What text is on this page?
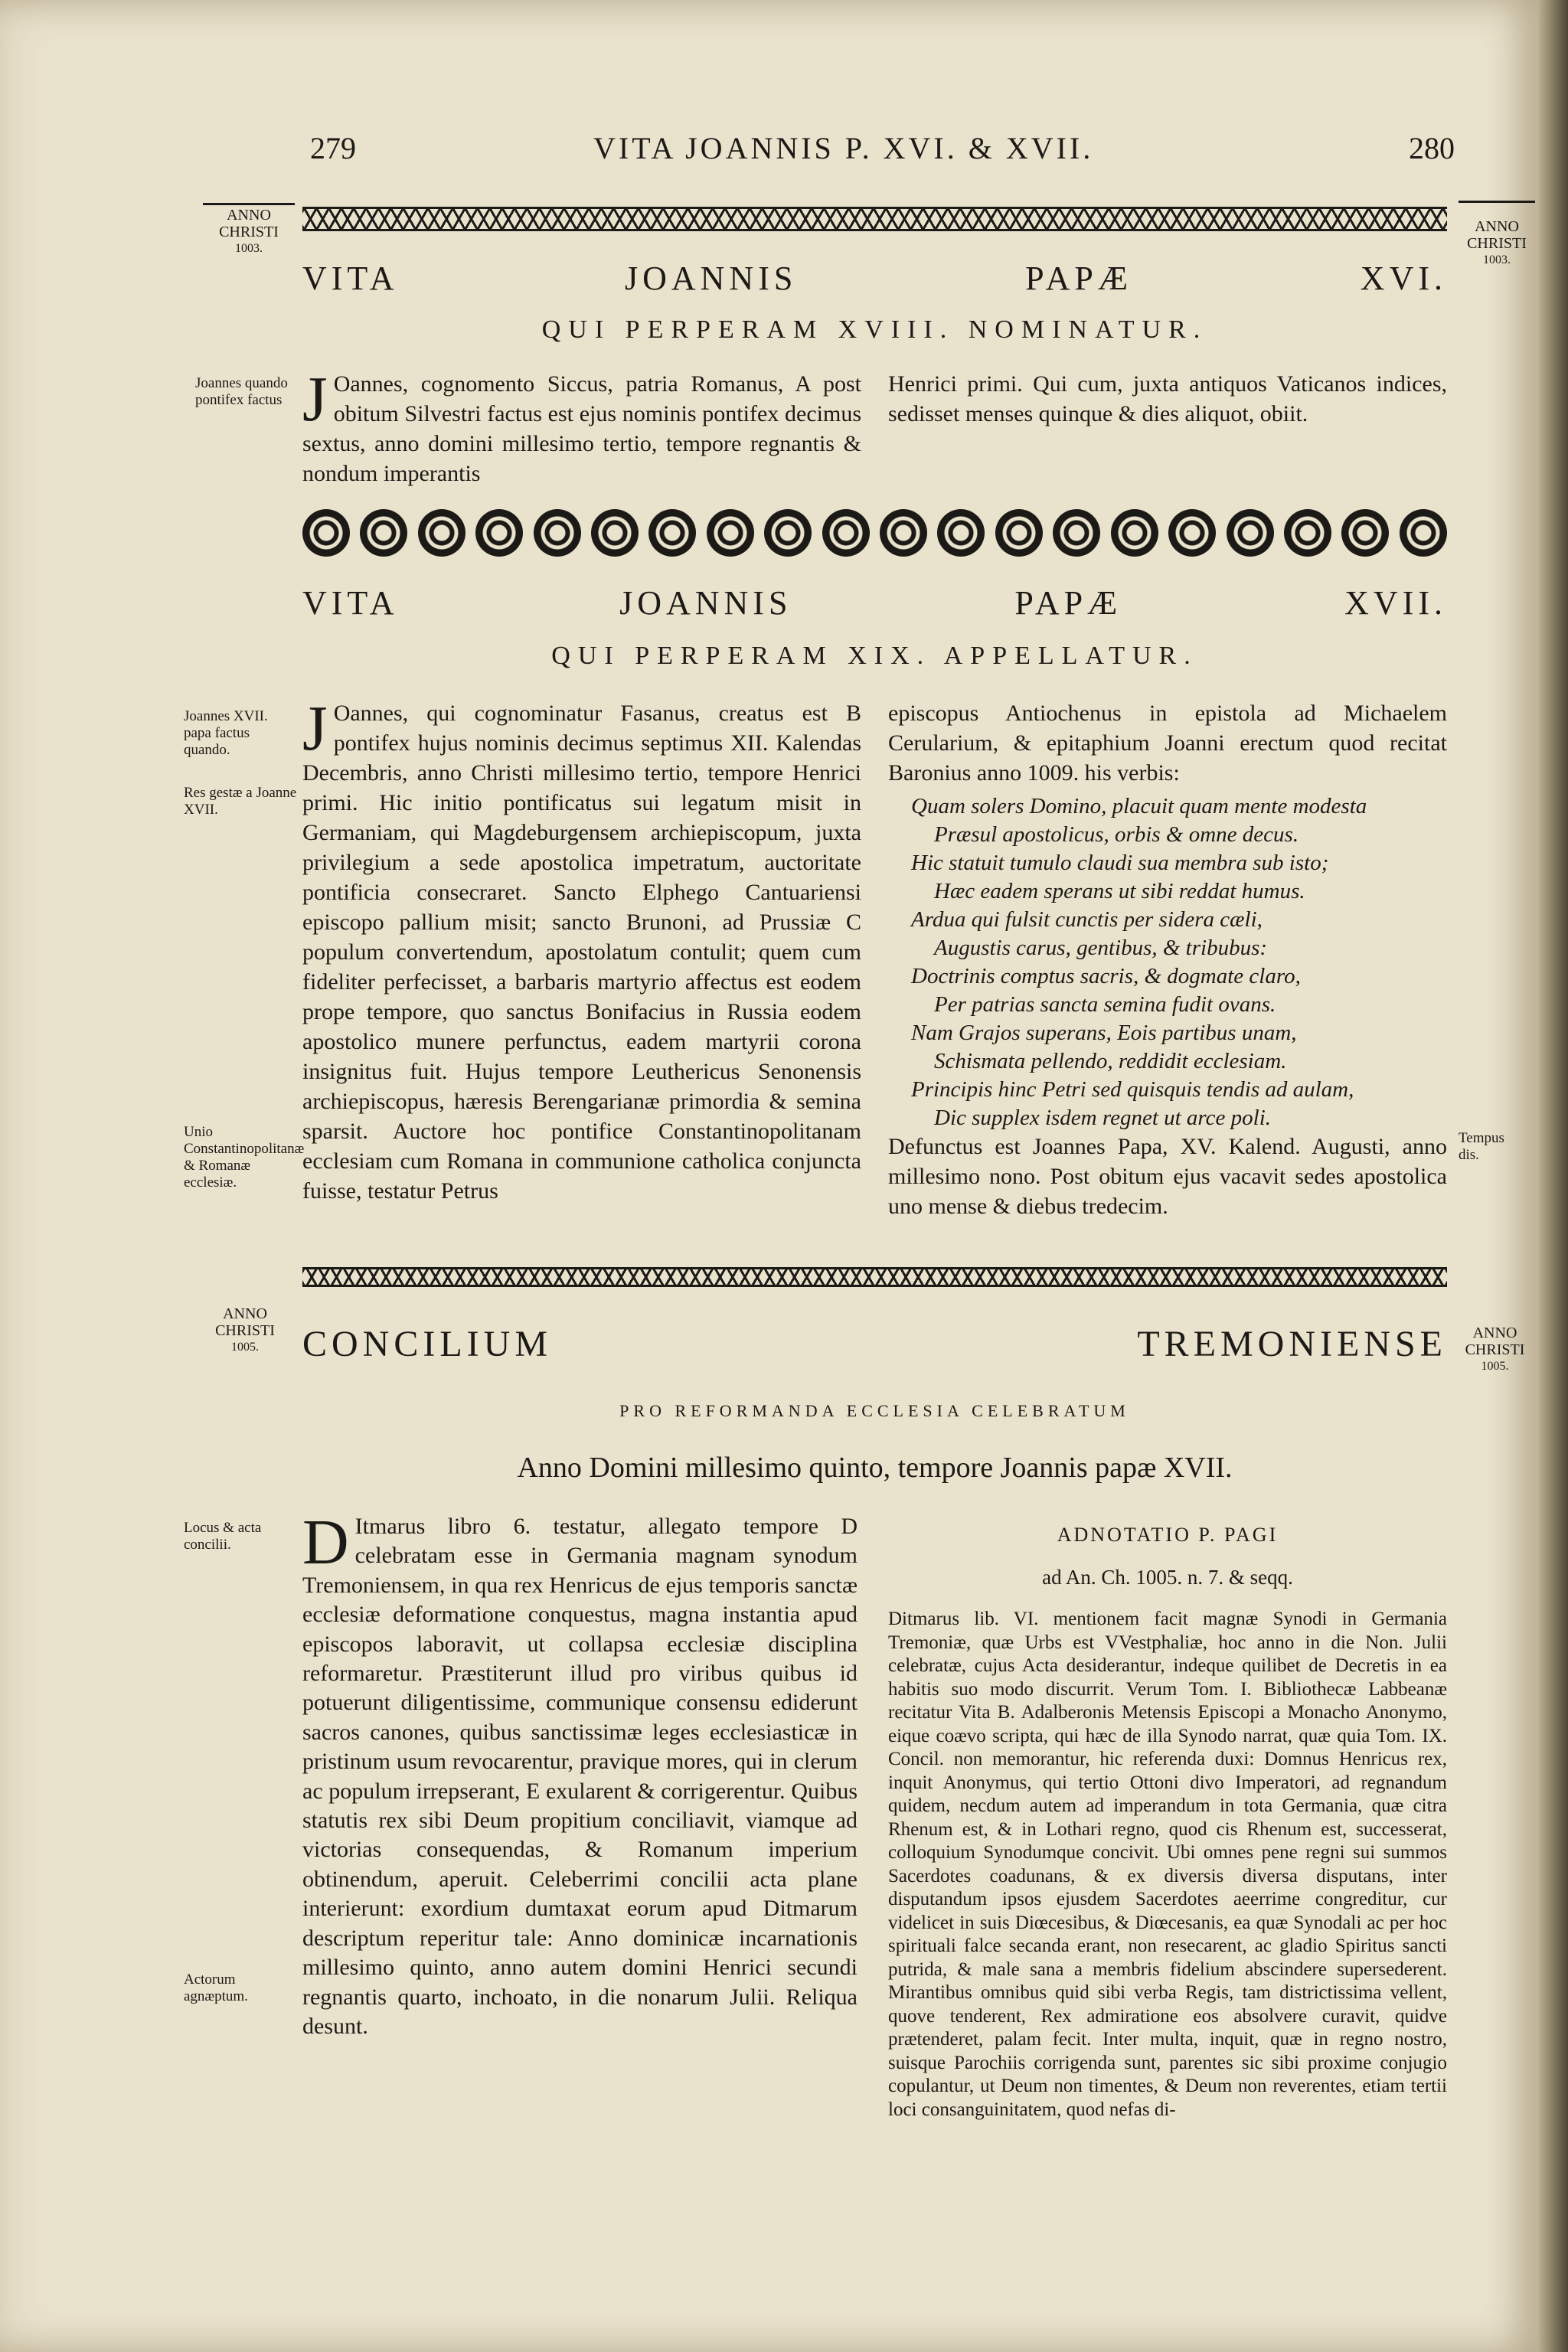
279	VITA JOANNIS P. XVI. & XVII.	280
ANNO
CHRISTI
1003.
ANNO
CHRISTI
1003.
VITA JOANNIS PAPÆ XVI.
QUI PERPERAM XVIII. NOMINATUR.
Joannes quando pontifex factus J Oannes, cognomento Siccus, patria Romanus, A post obitum Silvestri factus est ejus nominis pontifex decimus sextus, anno domini millesimo tertio, tempore regnantis & nondum imperantis
Henrici primi. Qui cum, juxta antiquos Vaticanos indices, sedisset menses quinque & dies aliquot, obiit.
VITA JOANNIS PAPÆ XVII.
QUI PERPERAM XIX. APPELLATUR.
Joannes XVII. papa factus quando.
Res gestæ a Joanne XVII.
Unio Constantinopolitanæ & Romanæ ecclesiæ.
Tempus dis.
J Oannes, qui cognominatur Fasanus, creatus est B pontifex hujus nominis decimus septimus XII. Kalendas Decembris, anno Christi millesimo tertio, tempore Henrici primi. Hic initio pontificatus sui legatum misit in Germaniam, qui Magdeburgensem archiepiscopum, juxta privilegium a sede apostolica impetratum, auctoritate pontificia consecraret. Sancto Elphego Cantuariensi episcopo pallium misit; sancto Brunoni, ad Prussiæ C populum convertendum, apostolatum contulit; quem cum fideliter perfecisset, a barbaris martyrio affectus est eodem prope tempore, quo sanctus Bonifacius in Russia eodem apostolico munere perfunctus, eadem martyrii corona insignitus fuit. Hujus tempore Leuthericus Senonensis archiepiscopus, hæresis Berengarianæ primordia & semina sparsit. Auctore hoc pontifice Constantinopolitanam ecclesiam cum Romana in communione catholica conjuncta fuisse, testatur Petrus
episcopus Antiochenus in epistola ad Michaelem Cerularium, & epitaphium Joanni erectum quod recitat Baronius anno 1009. his verbis:
Quam solers Domino, placuit quam mente modesta
Præsul apostolicus, orbis & omne decus.
Hic statuit tumulo claudi sua membra sub isto;
Hæc eadem sperans ut sibi reddat humus.
Ardua qui fulsit cunctis per sidera cæli,
Augustis carus, gentibus, & tribubus:
Doctrinis comptus sacris, & dogmate claro,
Per patrias sancta semina fudit ovans.
Nam Grajos superans, Eois partibus unam,
Schismata pellendo, reddidit ecclesiam.
Principis hinc Petri sed quisquis tendis ad aulam,
Dic supplex isdem regnet ut arce poli.
Defunctus est Joannes Papa, XV. Kalend. Augusti, anno millesimo nono. Post obitum ejus vacavit sedes apostolica uno mense & diebus tredecim.
ANNO
CHRISTI
1005.
ANNO
CHRISTI
1005.
CONCILIUM TREMONIENSE
PRO REFORMANDA ECCLESIA CELEBRATUM
Anno Domini millesimo quinto, tempore Joannis papæ XVII.
Locus & acta concilii.
Actorum agnæptum.
D Itmarus libro 6. testatur, allegato tempore D celebratam esse in Germania magnam synodum Tremoniensem, in qua rex Henricus de ejus temporis sanctæ ecclesiæ deformatione conquestus, magna instantia apud episcopos laboravit, ut collapsa ecclesiæ disciplina reformaretur. Præstiterunt illud pro viribus quibus id potuerunt diligentissime, communique consensu ediderunt sacros canones, quibus sanctissimæ leges ecclesiasticæ in pristinum usum revocarentur, pravique mores, qui in clerum ac populum irrepserant, E exularent & corrigerentur. Quibus statutis rex sibi Deum propitium conciliavit, viamque ad victorias consequendas, & Romanum imperium obtinendum, aperuit. Celeberrimi concilii acta plane interierunt: exordium dumtaxat eorum apud Ditmarum descriptum reperitur tale: Anno dominicæ incarnationis millesimo quinto, anno autem domini Henrici secundi regnantis quarto, inchoato, in die nonarum Julii. Reliqua desunt.
ADNOTATIO P. PAGI
ad An. Ch. 1005. n. 7. & seqq.
Ditmarus lib. VI. mentionem facit magnæ Synodi in Germania Tremoniæ, quæ Urbs est VVestphaliæ, hoc anno in die Non. Julii celebratæ, cujus Acta desiderantur, indeque quilibet de Decretis in ea habitis suo modo discurrit. Verum Tom. I. Bibliothecæ Labbeanæ recitatur Vita B. Adalberonis Metensis Episcopi a Monacho Anonymo, eique coævo scripta, qui hæc de illa Synodo narrat, quæ quia Tom. IX. Concil. non memorantur, hic referenda duxi: Domnus Henricus rex, inquit Anonymus, qui tertio Ottoni divo Imperatori, ad regnandum quidem, necdum autem ad imperandum in tota Germania, quæ citra Rhenum est, & in Lothari regno, quod cis Rhenum est, successerat, colloquium Synodumque concivit. Ubi omnes pene regni sui summos Sacerdotes coadunans, & ex diversis diversa disputans, inter disputandum ipsos ejusdem Sacerdotes aeerrime congreditur, cur videlicet in suis Diœcesibus, & Diœcesanis, ea quæ Synodali ac per hoc spirituali falce secanda erant, non resecarent, ac gladio Spiritus sancti putrida, & male sana a membris fidelium abscindere supersederent. Mirantibus omnibus quid sibi verba Regis, tam districtissima vellent, quove tenderent, Rex admiratione eos absolvere curavit, quidve prætenderet, palam fecit. Inter multa, inquit, quæ in regno nostro, suisque Parochiis corrigenda sunt, parentes sic sibi proxime conjugio copulantur, ut Deum non timentes, & Deum non reverentes, etiam tertii loci consanguinitatem, quod nefas di-
